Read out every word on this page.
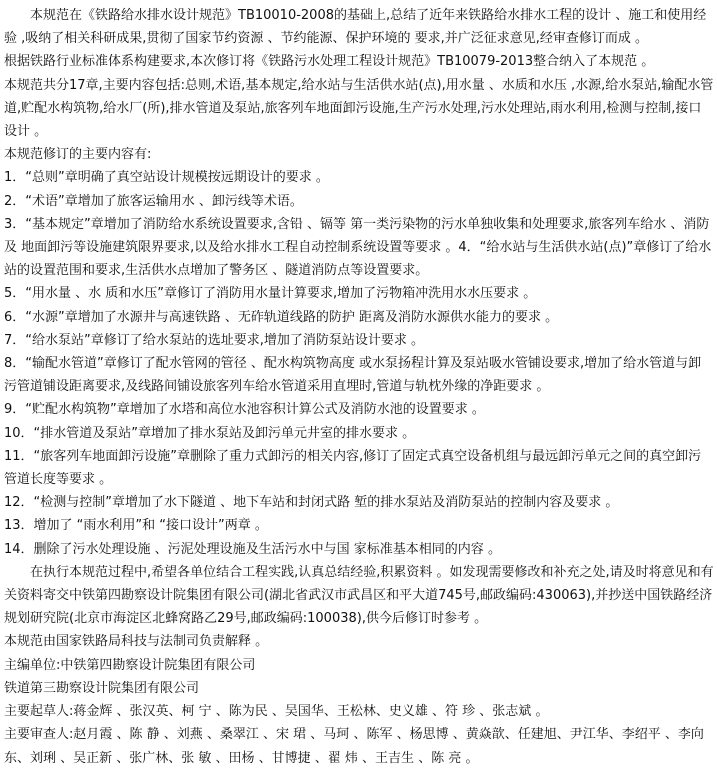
本规范在《铁路给水排水设计规范》TB10010-2008的基础上,总结了近年来铁路给水排水工程的设计 、施工和使用经验 ,吸纳了相关科研成果,贯彻了国家节约资源 、节约能源、保护环境的 要求,并广泛征求意见,经审查修订而成 。

根据铁路行业标准体系构建要求,本次修订将《铁路污水处理工程设计规范》TB10079-2013整合纳入了本规范 。

本规范共分17章,主要内容包括:总则,术语,基本规定,给水站与生活供水站(点),用水量 、水质和水压 ,水源,给水泵站,输配水管道,贮配水构筑物,给水厂(所),排水管道及泵站,旅客列车地面卸污设施,生产污水处理,污水处理站,雨水利用,检测与控制,接口设计 。

本规范修订的主要内容有:

1．“总则”章明确了真空站设计规模按远期设计的要求 。

2．“术语”章增加了旅客运输用水 、卸污线等术语。

3．“基本规定”章增加了消防给水系统设置要求,含铅 、镉等 第一类污染物的污水单独收集和处理要求,旅客列车给水 、消防及 地面卸污等设施建筑限界要求,以及给水排水工程自动控制系统设置等要求 。4．“给水站与生活供水站(点)”章修订了给水站的设置范围和要求,生活供水点增加了警务区 、隧道消防点等设置要求。

5．“用水量 、水 质和水压”章修订了消防用水量计算要求,增加了污物箱冲洗用水水压要求 。

6．“水源”章增加了水源井与高速铁路 、无砟轨道线路的防护 距离及消防水源供水能力的要求 。

7．“给水泵站”章修订了给水泵站的选址要求,增加了消防泵站设计要求 。

8．“输配水管道”章修订了配水管网的管径 、配水构筑物高度 或水泵扬程计算及泵站吸水管铺设要求,增加了给水管道与卸污管道铺设距离要求,及线路间铺设旅客列车给水管道采用直埋时,管道与轨枕外缘的净距要求 。

9．“贮配水构筑物”章增加了水塔和高位水池容积计算公式及消防水池的设置要求 。

10．“排水管道及泵站”章增加了排水泵站及卸污单元井室的排水要求 。

11．“旅客列车地面卸污设施”章删除了重力式卸污的相关内容,修订了固定式真空设备机组与最远卸污单元之间的真空卸污管道长度等要求 。

12．“检测与控制”章增加了水下隧道 、地下车站和封闭式路 堑的排水泵站及消防泵站的控制内容及要求 。

13．增加了 “雨水利用”和 “接口设计”两章 。

14．删除了污水处理设施 、污泥处理设施及生活污水中与国 家标准基本相同的内容 。

在执行本规范过程中,希望各单位结合工程实践,认真总结经验,积累资料 。如发现需要修改和补充之处,请及时将意见和有关资料寄交中铁第四勘察设计院集团有限公司(湖北省武汉市武昌区和平大道745号,邮政编码:430063),并抄送中国铁路经济规划研究院(北京市海淀区北蜂窝路乙29号,邮政编码:100038),供今后修订时参考 。

本规范由国家铁路局科技与法制司负责解释 。

主编单位:中铁第四勘察设计院集团有限公司

铁道第三勘察设计院集团有限公司

主要起草人:蒋金辉 、张汉英、柯 宁 、陈为民 、吴国华、王松林、史义雄 、符 珍 、张志斌 。

主要审查人:赵月霞 、陈 静 、刘燕 、桑翠江 、宋 珺 、马珂 、陈军 、杨思博 、黄焱歆、任建旭、尹江华、李绍平 、李向东、刘琍 、吴正新 、张广林、张 敏 、田杨 、甘博捷 、翟 炜 、王吉生 、陈 亮 。
